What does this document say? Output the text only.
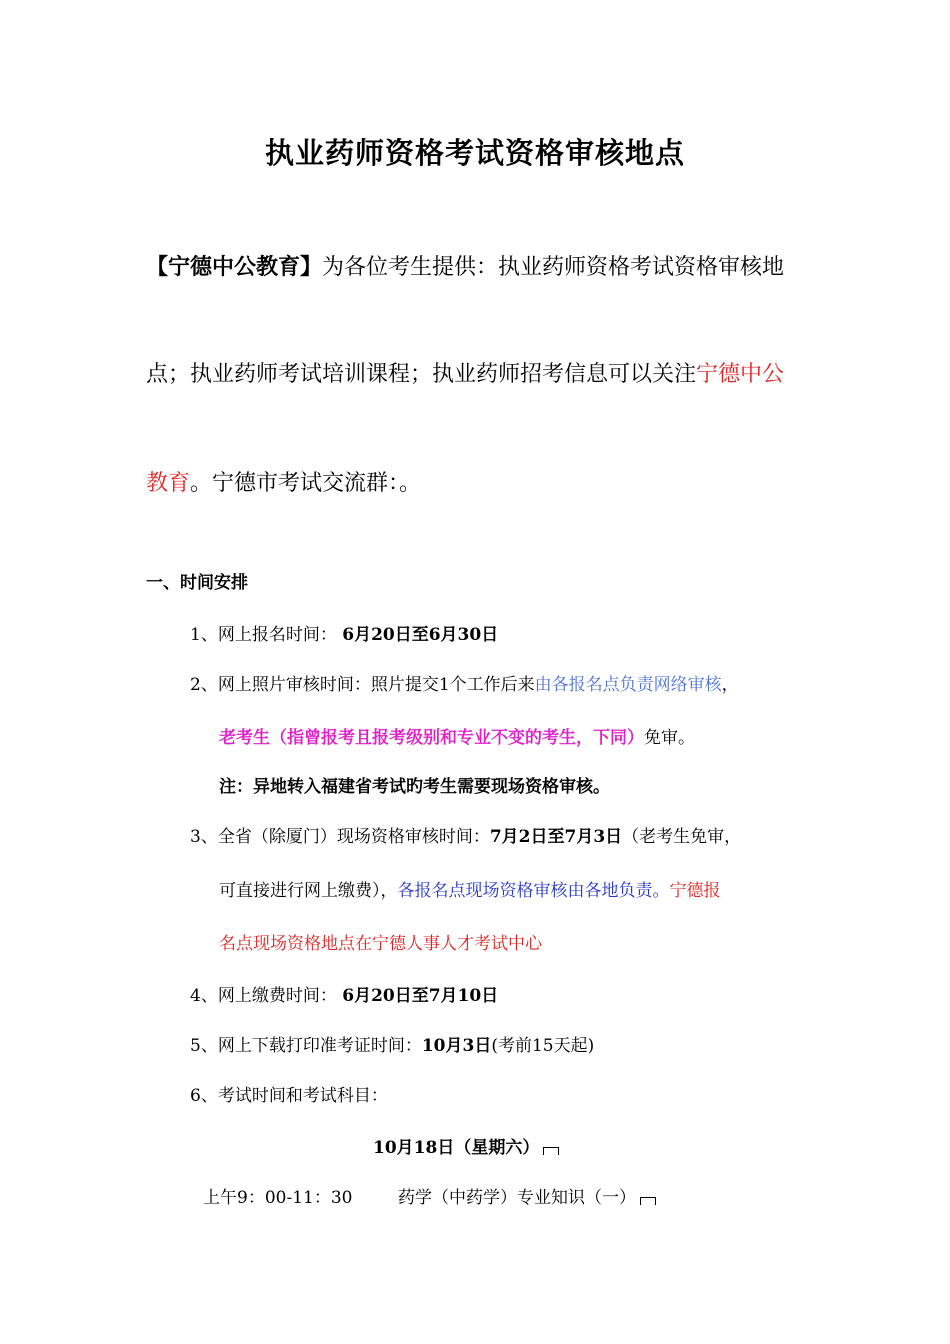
执业药师资格考试资格审核地点
【宁德中公教育】为各位考生提供：执业药师资格考试资格审核地
点；执业药师考试培训课程；执业药师招考信息可以关注宁德中公
教育。宁德市考试交流群：。
一、时间安排
1、网上报名时间： 6月20日至6月30日
2、网上照片审核时间：照片提交1个工作后来由各报名点负责网络审核，
老考生（指曾报考且报考级别和专业不变的考生，下同）免审。
注：异地转入福建省考试旳考生需要现场资格审核。
3、全省（除厦门）现场资格审核时间：7月2日至7月3日（老考生免审，
可直接进行网上缴费），各报名点现场资格审核由各地负责。宁德报
名点现场资格地点在宁德人事人才考试中心
4、网上缴费时间： 6月20日至7月10日
5、网上下载打印准考证时间：10月3日(考前15天起)
6、考试时间和考试科目：
10月18日（星期六）
上午9：00-11：30	药学（中药学）专业知识（一）
